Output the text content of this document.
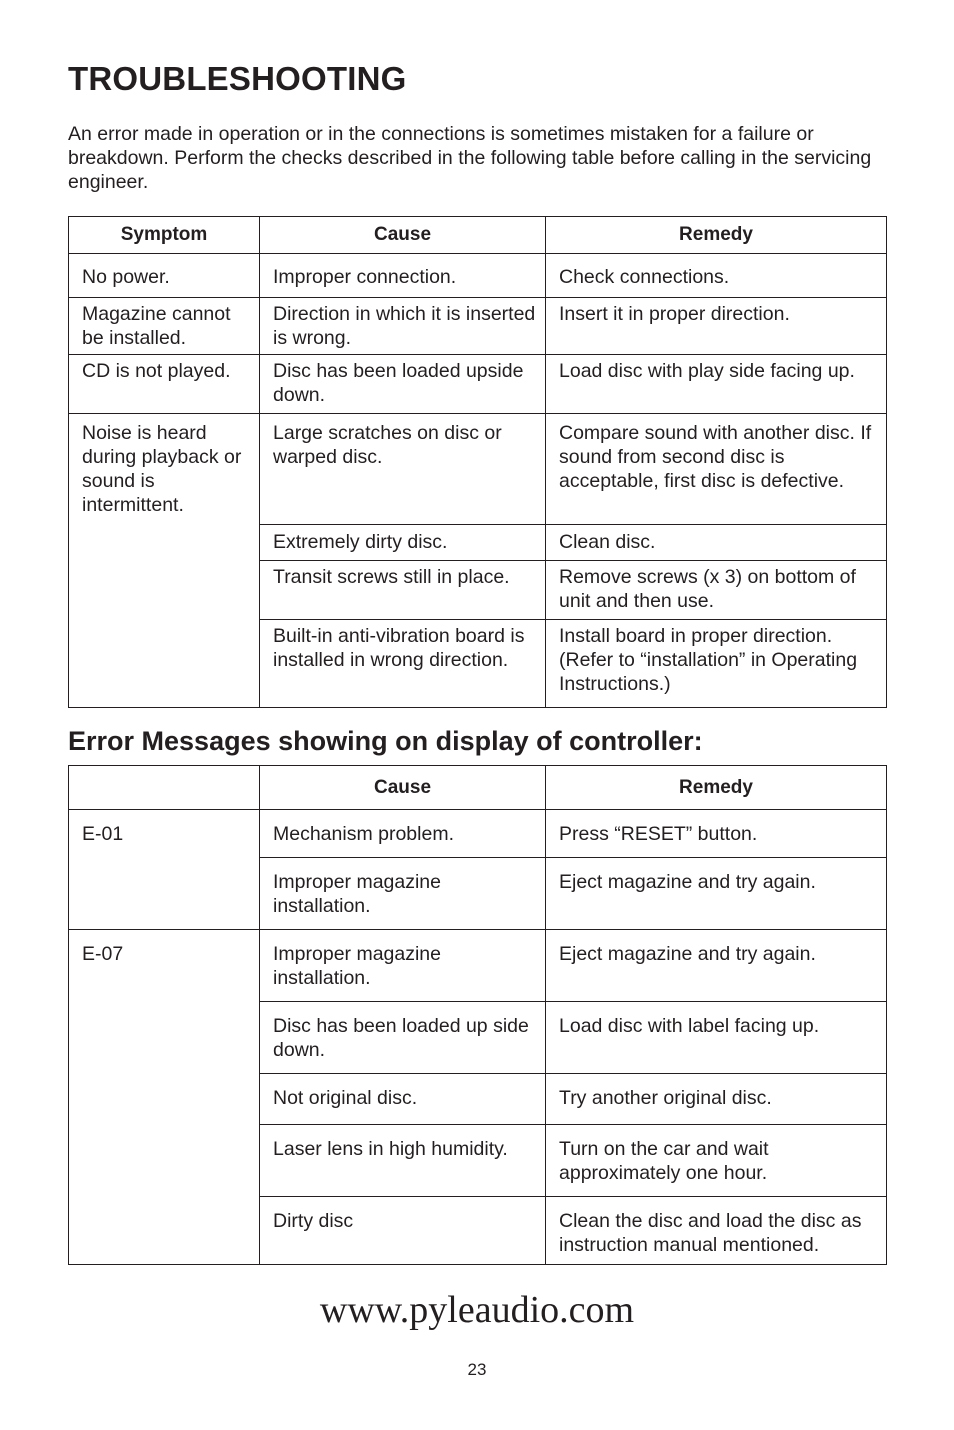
TROUBLESHOOTING

An error made in operation or in the connections is sometimes mistaken for a failure or breakdown. Perform the checks described in the following table before calling in the servicing engineer.

Symptom	Cause	Remedy
No power.	Improper connection.	Check connections.
Magazine cannot be installed.	Direction in which it is inserted is wrong.	Insert it in proper direction.
CD is not played.	Disc has been loaded upside down.	Load disc with play side facing up.
Noise is heard during playback or sound is intermittent.	Large scratches on disc or warped disc.	Compare sound with another disc. If sound from second disc is acceptable, first disc is defective.
	Extremely dirty disc.	Clean disc.
	Transit screws still in place.	Remove screws (x 3) on bottom of unit and then use.
	Built-in anti-vibration board is installed in wrong direction.	Install board in proper direction. (Refer to “installation” in Operating Instructions.)
Error Messages showing on display of controller:
	Cause	Remedy
E-01	Mechanism problem.	Press “RESET” button.
	Improper magazine installation.	Eject magazine and try again.
E-07	Improper magazine installation.	Eject magazine and try again.
	Disc has been loaded up side down.	Load disc with label facing up.
	Not original disc.	Try another original disc.
	Laser lens in high humidity.	Turn on the car and wait approximately one hour.
	Dirty disc	Clean the disc and load the disc as instruction manual mentioned.

www.pyleaudio.com

23
